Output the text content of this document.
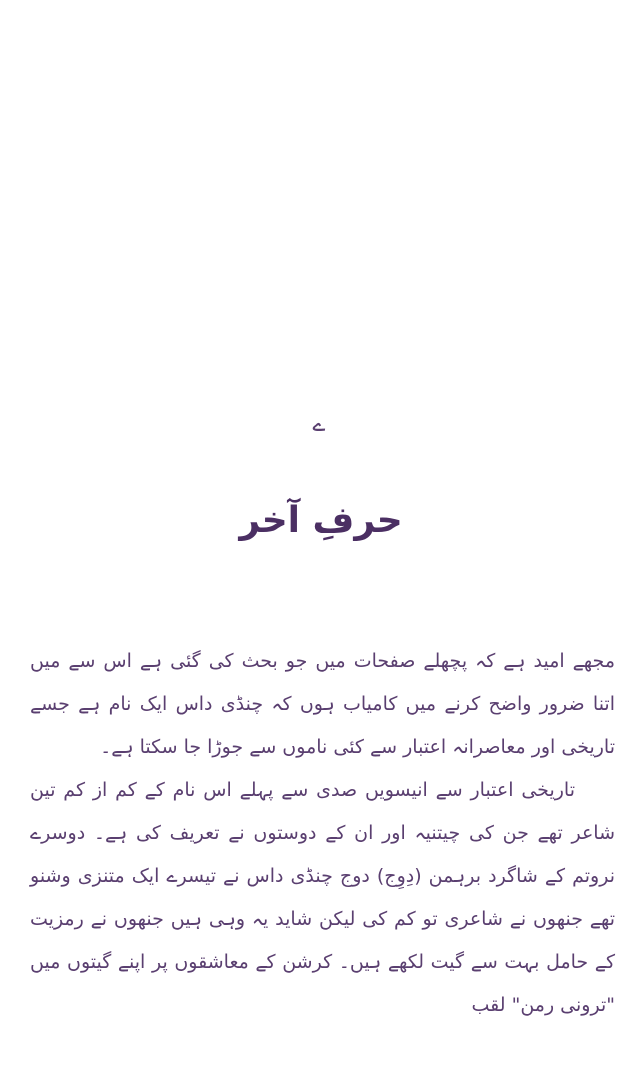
ے
حرفِ آخر

مجھے امید ہے کہ پچھلے صفحات میں جو بحث کی گئی ہے اس سے میں اتنا ضرور واضح کرنے میں کامیاب ہوں کہ چنڈی داس ایک نام ہے جسے تاریخی اور معاصرانہ اعتبار سے کئی ناموں سے جوڑا جا سکتا ہے۔

تاریخی اعتبار سے انیسویں صدی سے پہلے اس نام کے کم از کم تین شاعر تھے جن کی چیتنیہ اور ان کے دوستوں نے تعریف کی ہے۔ دوسرے نروتم کے شاگرد برہمن (دِوِج) دوج چنڈی داس نے تیسرے ایک متنزی وشنو تھے جنھوں نے شاعری تو کم کی لیکن شاید یہ وہی ہیں جنھوں نے رمزیت کے حامل بہت سے گیت لکھے ہیں۔ کرشن کے معاشقوں پر اپنے گیتوں میں "ترونی رمن" لقب
